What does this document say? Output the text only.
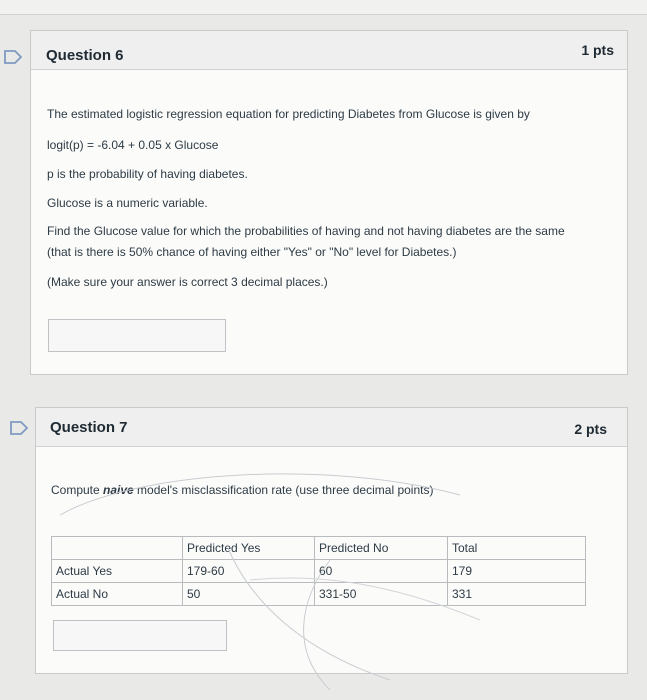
Question 6	1 pts
The estimated logistic regression equation for predicting Diabetes from Glucose is given by
logit(p) = -6.04 + 0.05 x Glucose
p is the probability of having diabetes.
Glucose is a numeric variable.
Find the Glucose value for which the probabilities of having and not having diabetes are the same
(that is there is 50% chance of having either "Yes" or "No" level for Diabetes.)
(Make sure your answer is correct 3 decimal places.)
Question 7	2 pts
Compute naive model's misclassification rate (use three decimal points)
	Predicted Yes	Predicted No	Total
Actual Yes	179-60	60	179
Actual No	50	331-50	331
